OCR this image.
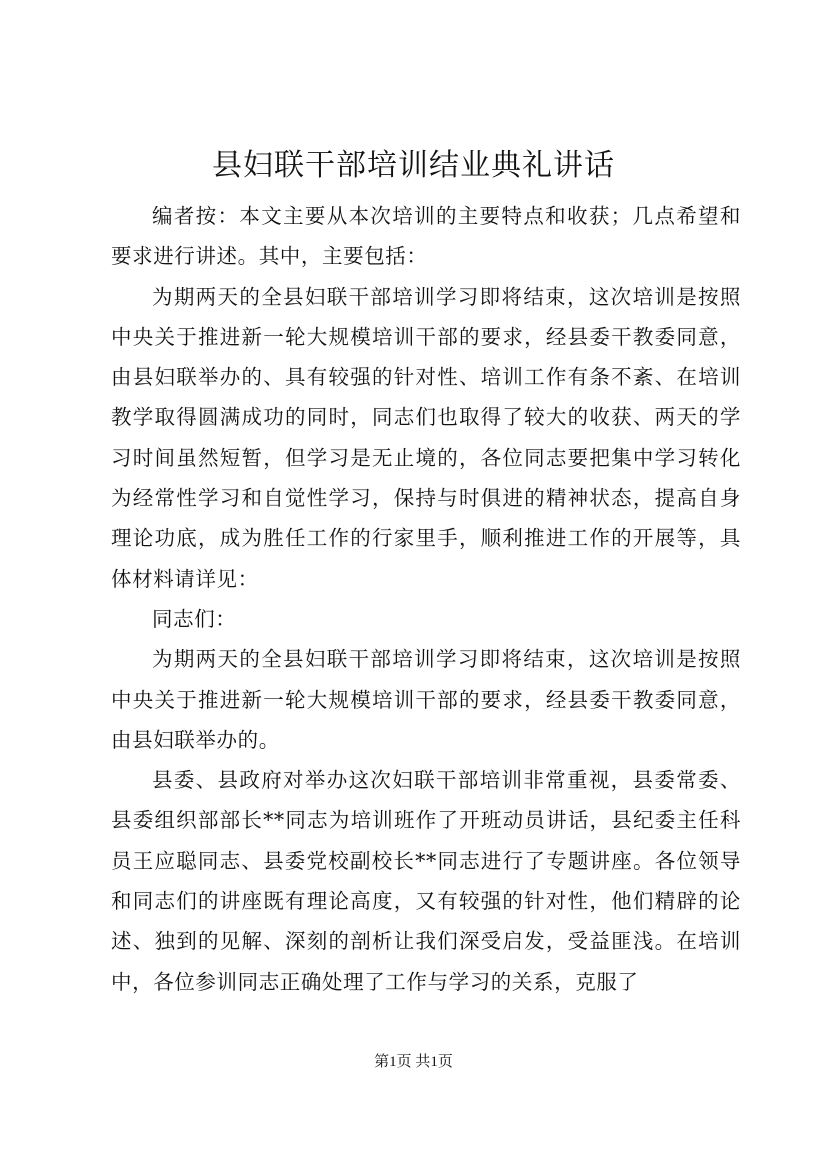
县妇联干部培训结业典礼讲话

编者按：本文主要从本次培训的主要特点和收获；几点希望和要求进行讲述。其中，主要包括：

为期两天的全县妇联干部培训学习即将结束，这次培训是按照中央关于推进新一轮大规模培训干部的要求，经县委干教委同意，由县妇联举办的、具有较强的针对性、培训工作有条不紊、在培训教学取得圆满成功的同时，同志们也取得了较大的收获、两天的学习时间虽然短暂，但学习是无止境的，各位同志要把集中学习转化为经常性学习和自觉性学习，保持与时俱进的精神状态，提高自身理论功底，成为胜任工作的行家里手，顺利推进工作的开展等，具体材料请详见：

同志们：

为期两天的全县妇联干部培训学习即将结束，这次培训是按照中央关于推进新一轮大规模培训干部的要求，经县委干教委同意，由县妇联举办的。

县委、县政府对举办这次妇联干部培训非常重视，县委常委、县委组织部部长**同志为培训班作了开班动员讲话，县纪委主任科员王应聪同志、县委党校副校长**同志进行了专题讲座。各位领导和同志们的讲座既有理论高度，又有较强的针对性，他们精辟的论述、独到的见解、深刻的剖析让我们深受启发，受益匪浅。在培训中，各位参训同志正确处理了工作与学习的关系，克服了

第1页 共1页
